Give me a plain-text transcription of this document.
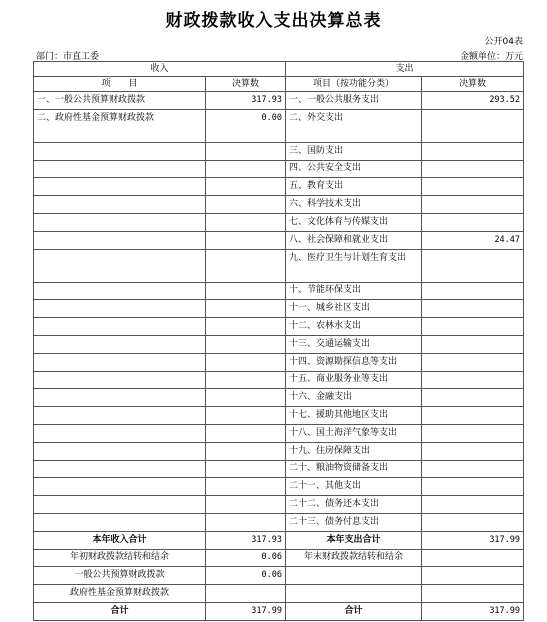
财政拨款收入支出决算总表
公开04表
部门：市直工委	金额单位：万元
收入		支出	
项　　目	决算数	项目（按功能分类）	决算数
一、一般公共预算财政拨款	317.93	一、一般公共服务支出	293.52
二、政府性基金预算财政拨款	0.00	二、外交支出	
		三、国防支出	
		四、公共安全支出	
		五、教育支出	
		六、科学技术支出	
		七、文化体育与传媒支出	
		八、社会保障和就业支出	24.47
		九、医疗卫生与计划生育支出	
		十、节能环保支出	
		十一、城乡社区支出	
		十二、农林水支出	
		十三、交通运输支出	
		十四、资源勘探信息等支出	
		十五、商业服务业等支出	
		十六、金融支出	
		十七、援助其他地区支出	
		十八、国土海洋气象等支出	
		十九、住房保障支出	
		二十、粮油物资储备支出	
		二十一、其他支出	
		二十二、债务还本支出	
		二十三、债务付息支出	
本年收入合计	317.93	本年支出合计	317.99
年初财政拨款结转和结余	0.06	年末财政拨款结转和结余	
一般公共预算财政拨款	0.06		
政府性基金预算财政拨款			
合计	317.99	合计	317.99
